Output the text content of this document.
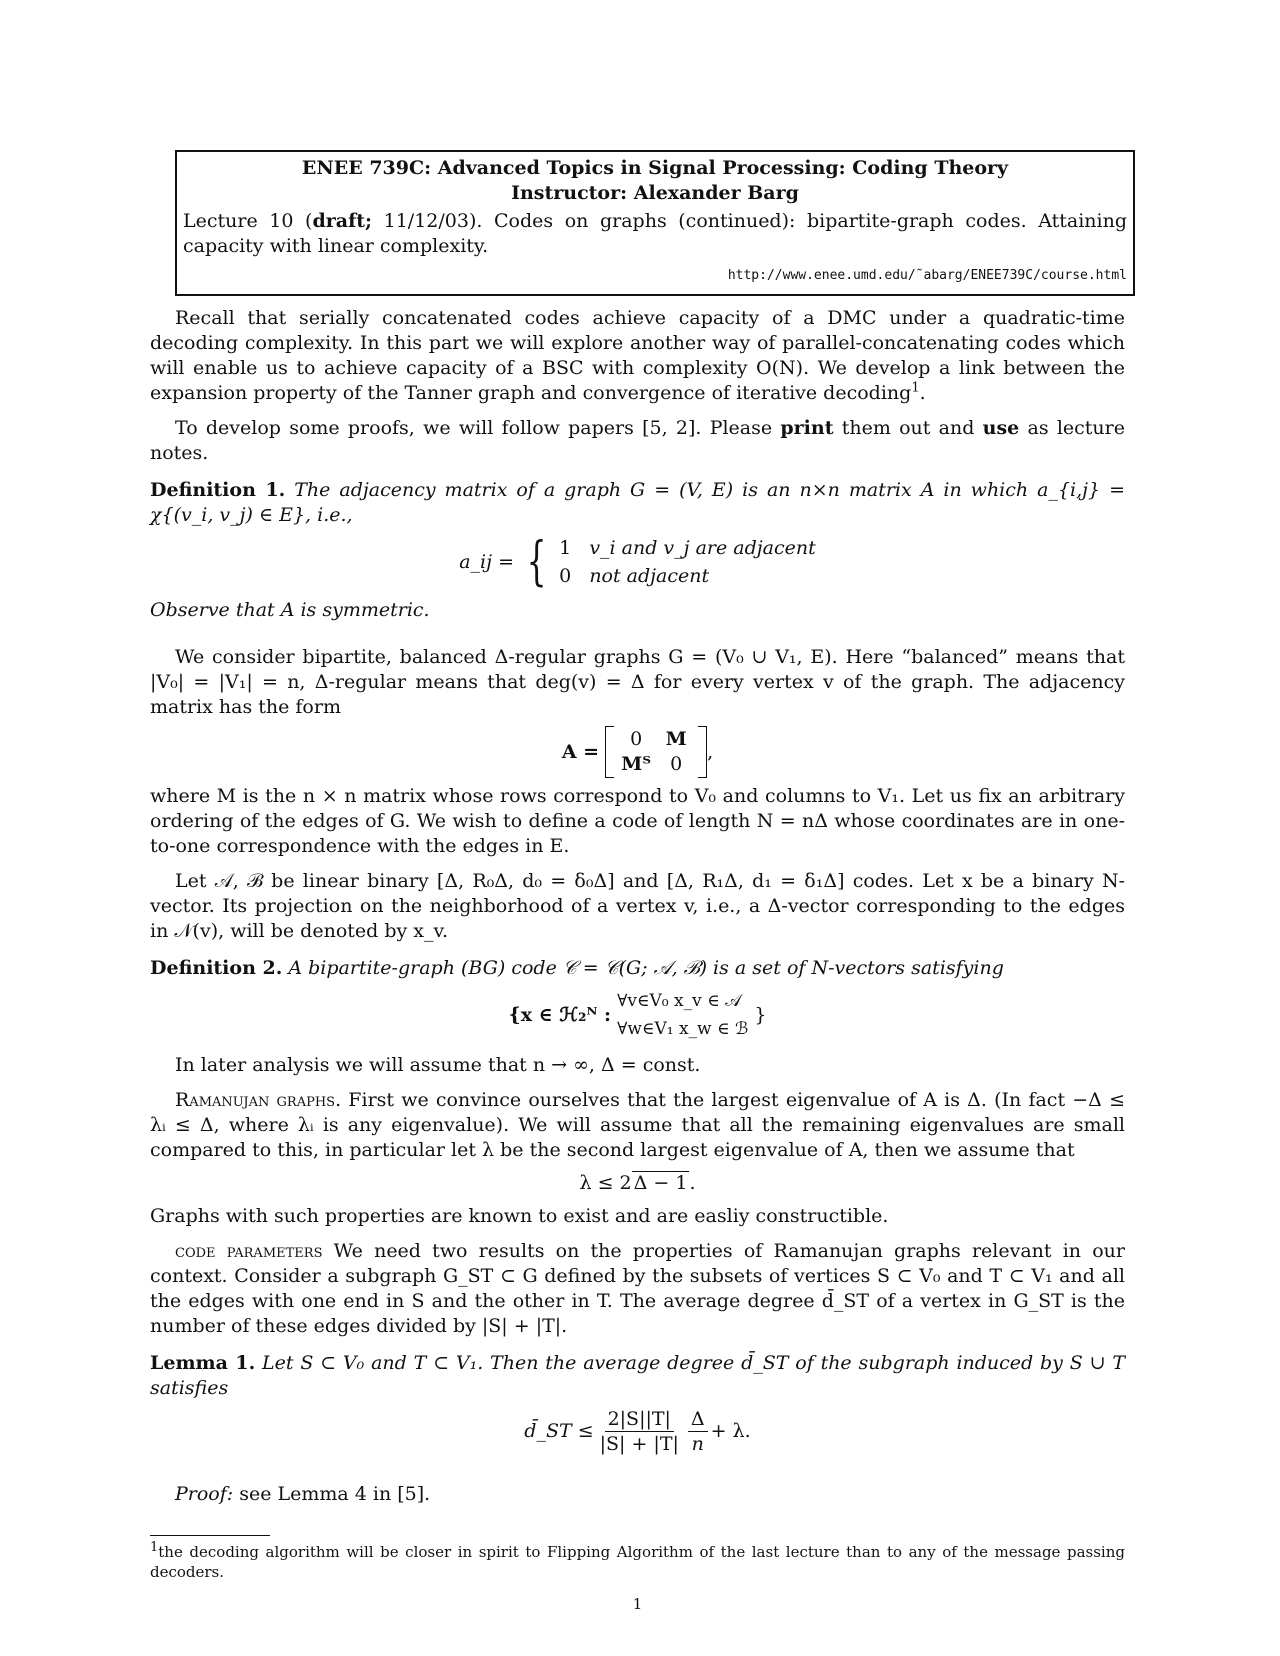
ENEE 739C: Advanced Topics in Signal Processing: Coding Theory
Instructor: Alexander Barg

Lecture 10 (draft; 11/12/03). Codes on graphs (continued): bipartite-graph codes. Attaining capacity with linear complexity.

http://www.enee.umd.edu/˜abarg/ENEE739C/course.html

Recall that serially concatenated codes achieve capacity of a DMC under a quadratic-time decoding complexity. In this part we will explore another way of parallel-concatenating codes which will enable us to achieve capacity of a BSC with complexity O(N). We develop a link between the expansion property of the Tanner graph and convergence of iterative decoding$^1$.

To develop some proofs, we will follow papers [5, 2]. Please print them out and use as lecture notes.

Definition 1. The adjacency matrix of a graph G = (V, E) is an n×n matrix A in which a_{i,j} = χ{(v_i, v_j) ∈ E}, i.e.,

a_ij = { 1 v_i and v_j are adjacent
0 not adjacent

Observe that A is symmetric.

We consider bipartite, balanced Δ-regular graphs G = (V₀ ∪ V₁, E). Here “balanced” means that |V₀| = |V₁| = n, Δ-regular means that deg(v) = Δ for every vertex v of the graph. The adjacency matrix has the form

A =

0	M
Mᵀ	0
,

where M is the n × n matrix whose rows correspond to V₀ and columns to V₁. Let us fix an arbitrary ordering of the edges of G. We wish to define a code of length N = nΔ whose coordinates are in one-to-one correspondence with the edges in E.

Let 𝒜, ℬ be linear binary [Δ, R₀Δ, d₀ = δ₀Δ] and [Δ, R₁Δ, d₁ = δ₁Δ] codes. Let x be a binary N-vector. Its projection on the neighborhood of a vertex v, i.e., a Δ-vector corresponding to the edges in 𝒩(v), will be denoted by x_v.

Definition 2. A bipartite-graph (BG) code 𝒞 = 𝒞(G; 𝒜, ℬ) is a set of N-vectors satisfying

{x ∈ ℋ₂ᴺ :

∀v∈V₀ x_v ∈ 𝒜
∀w∈V₁ x_w ∈ ℬ

}

In later analysis we will assume that n → ∞, Δ = const.

Ramanujan graphs. First we convince ourselves that the largest eigenvalue of A is Δ. (In fact −Δ ≤ λᵢ ≤ Δ, where λᵢ is any eigenvalue). We will assume that all the remaining eigenvalues are small compared to this, in particular let λ be the second largest eigenvalue of A, then we assume that

λ ≤ 2 Δ − 1 .

Graphs with such properties are known to exist and are easliy constructible.

code parameters We need two results on the properties of Ramanujan graphs relevant in our context. Consider a subgraph G_ST ⊂ G defined by the subsets of vertices S ⊂ V₀ and T ⊂ V₁ and all the edges with one end in S and the other in T. The average degree d̄_ST of a vertex in G_ST is the number of these edges divided by |S| + |T|.

Lemma 1. Let S ⊂ V₀ and T ⊂ V₁. Then the average degree d̄_ST of the subgraph induced by S ∪ T satisfies

d̄_ST ≤ $\frac{2|S||T|}{|S| + |T|} \frac{\Delta}{n} + \lambda$.

Proof: see Lemma 4 in [5].

$^1$the decoding algorithm will be closer in spirit to Flipping Algorithm of the last lecture than to any of the message passing decoders.

1
